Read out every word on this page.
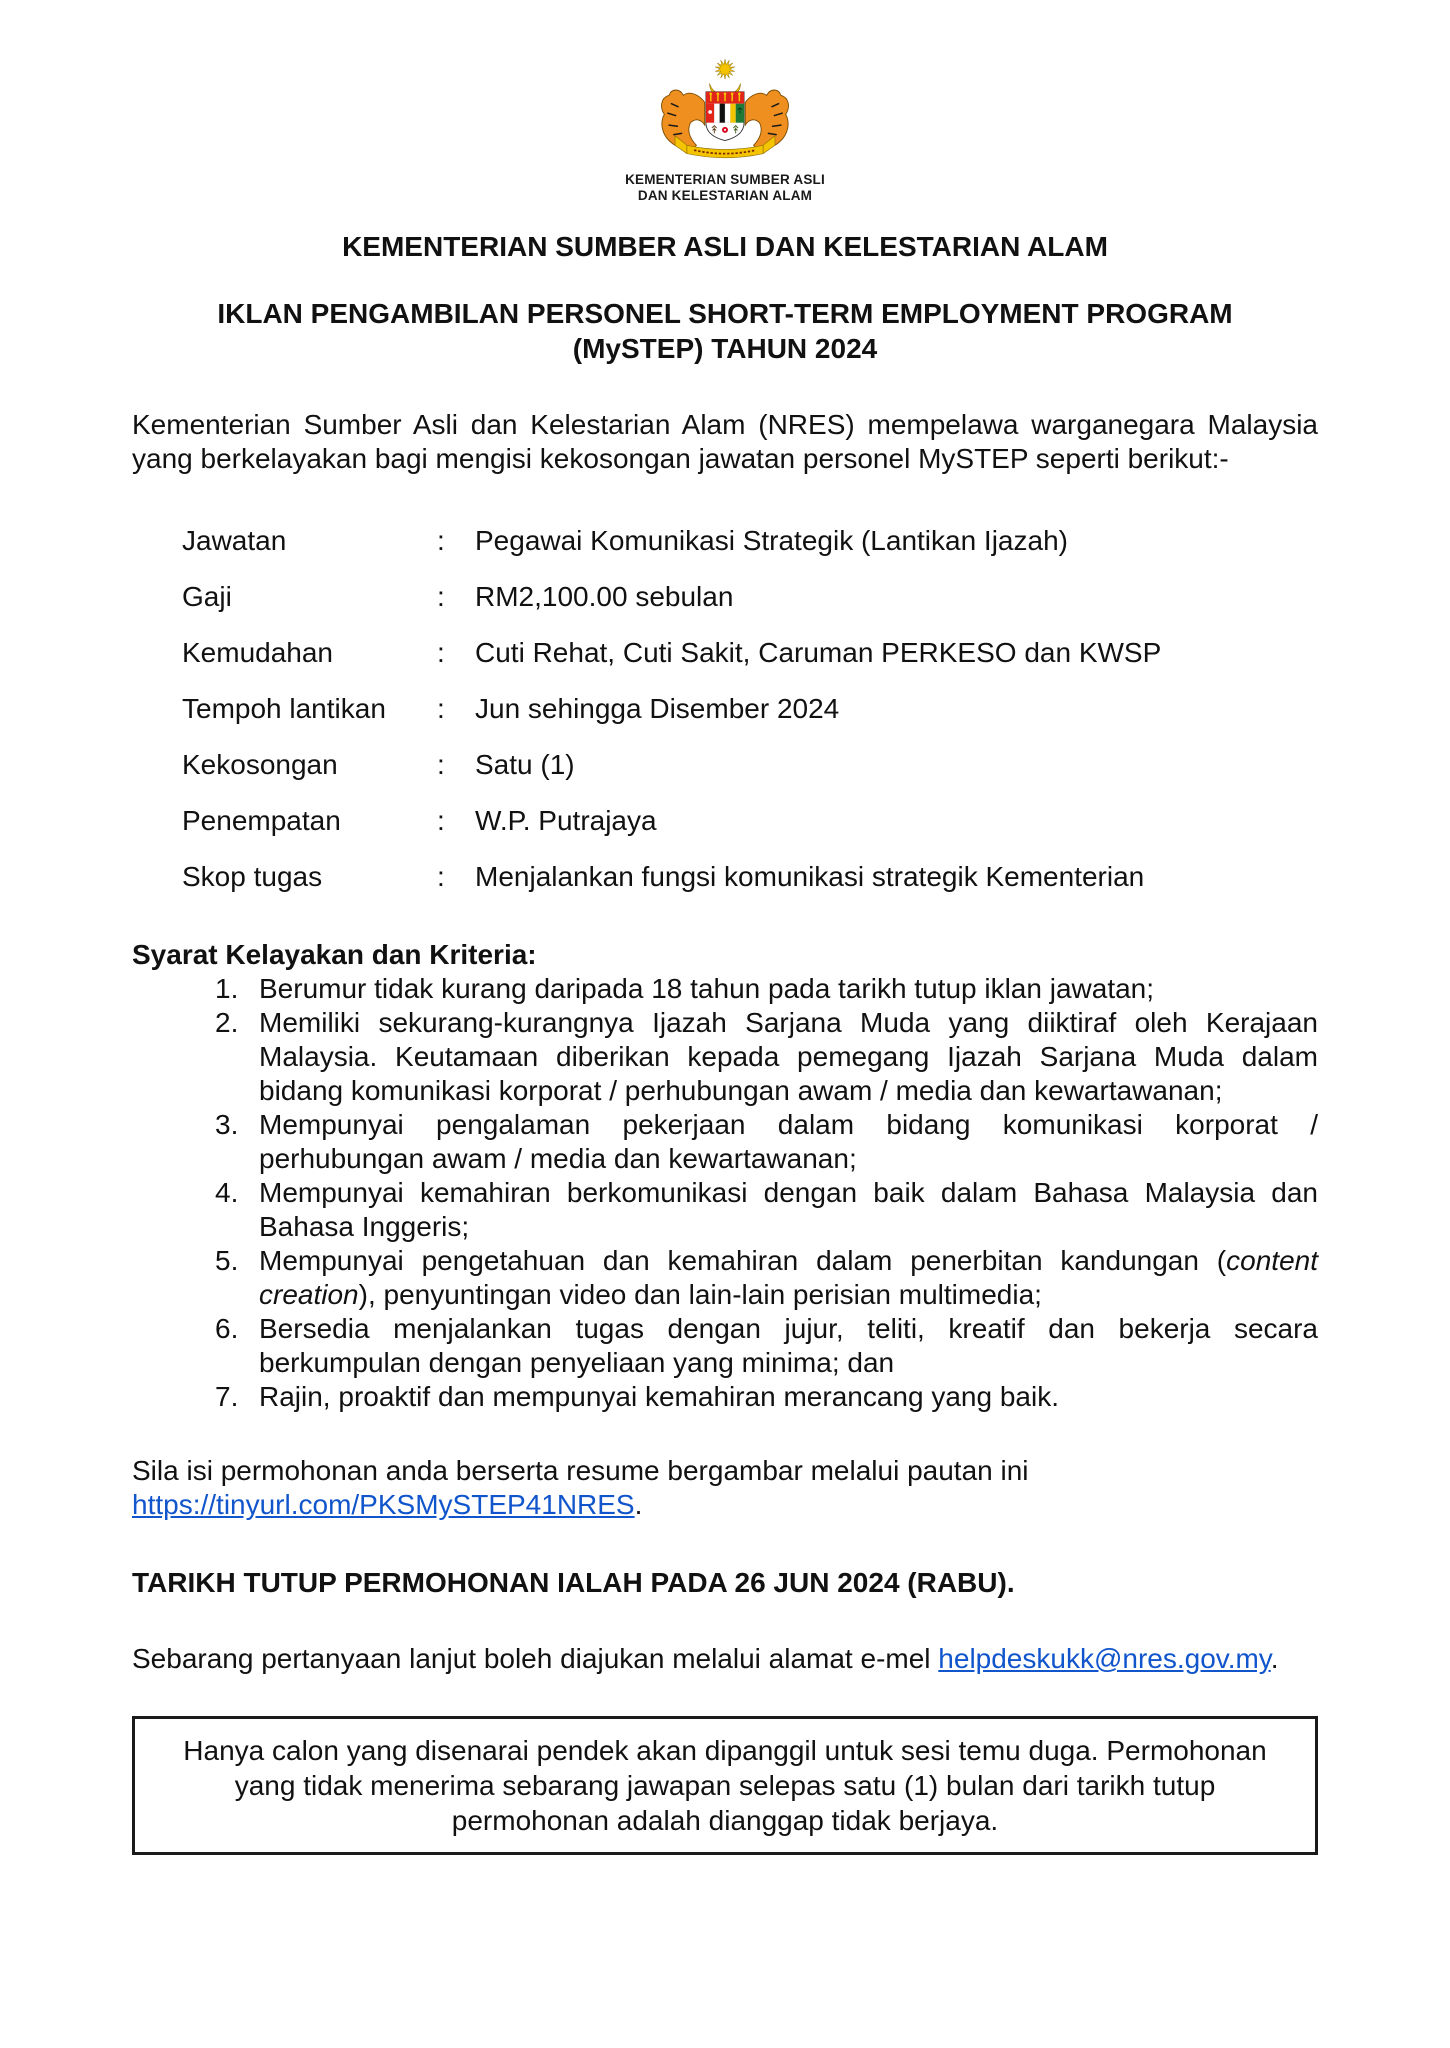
KEMENTERIAN SUMBER ASLI
DAN KELESTARIAN ALAM
KEMENTERIAN SUMBER ASLI DAN KELESTARIAN ALAM
IKLAN PENGAMBILAN PERSONEL SHORT-TERM EMPLOYMENT PROGRAM
(MySTEP) TAHUN 2024

Kementerian Sumber Asli dan Kelestarian Alam (NRES) mempelawa warganegara Malaysia yang berkelayakan bagi mengisi kekosongan jawatan personel MySTEP seperti berikut:-

Jawatan	:	Pegawai Komunikasi Strategik (Lantikan Ijazah)
Gaji	:	RM2,100.00 sebulan
Kemudahan	:	Cuti Rehat, Cuti Sakit, Caruman PERKESO dan KWSP
Tempoh lantikan	:	Jun sehingga Disember 2024
Kekosongan	:	Satu (1)
Penempatan	:	W.P. Putrajaya
Skop tugas	:	Menjalankan fungsi komunikasi strategik Kementerian
Syarat Kelayakan dan Kriteria:
1. Berumur tidak kurang daripada 18 tahun pada tarikh tutup iklan jawatan;
2. Memiliki sekurang-kurangnya Ijazah Sarjana Muda yang diiktiraf oleh Kerajaan Malaysia. Keutamaan diberikan kepada pemegang Ijazah Sarjana Muda dalam bidang komunikasi korporat / perhubungan awam / media dan kewartawanan;
3. Mempunyai pengalaman pekerjaan dalam bidang komunikasi korporat / perhubungan awam / media dan kewartawanan;
4. Mempunyai kemahiran berkomunikasi dengan baik dalam Bahasa Malaysia dan Bahasa Inggeris;
5. Mempunyai pengetahuan dan kemahiran dalam penerbitan kandungan (content creation), penyuntingan video dan lain-lain perisian multimedia;
6. Bersedia menjalankan tugas dengan jujur, teliti, kreatif dan bekerja secara berkumpulan dengan penyeliaan yang minima; dan
7. Rajin, proaktif dan mempunyai kemahiran merancang yang baik.

Sila isi permohonan anda berserta resume bergambar melalui pautan ini https://tinyurl.com/PKSMySTEP41NRES.

TARIKH TUTUP PERMOHONAN IALAH PADA 26 JUN 2024 (RABU).

Sebarang pertanyaan lanjut boleh diajukan melalui alamat e-mel helpdeskukk@nres.gov.my.

Hanya calon yang disenarai pendek akan dipanggil untuk sesi temu duga. Permohonan yang tidak menerima sebarang jawapan selepas satu (1) bulan dari tarikh tutup permohonan adalah dianggap tidak berjaya.
